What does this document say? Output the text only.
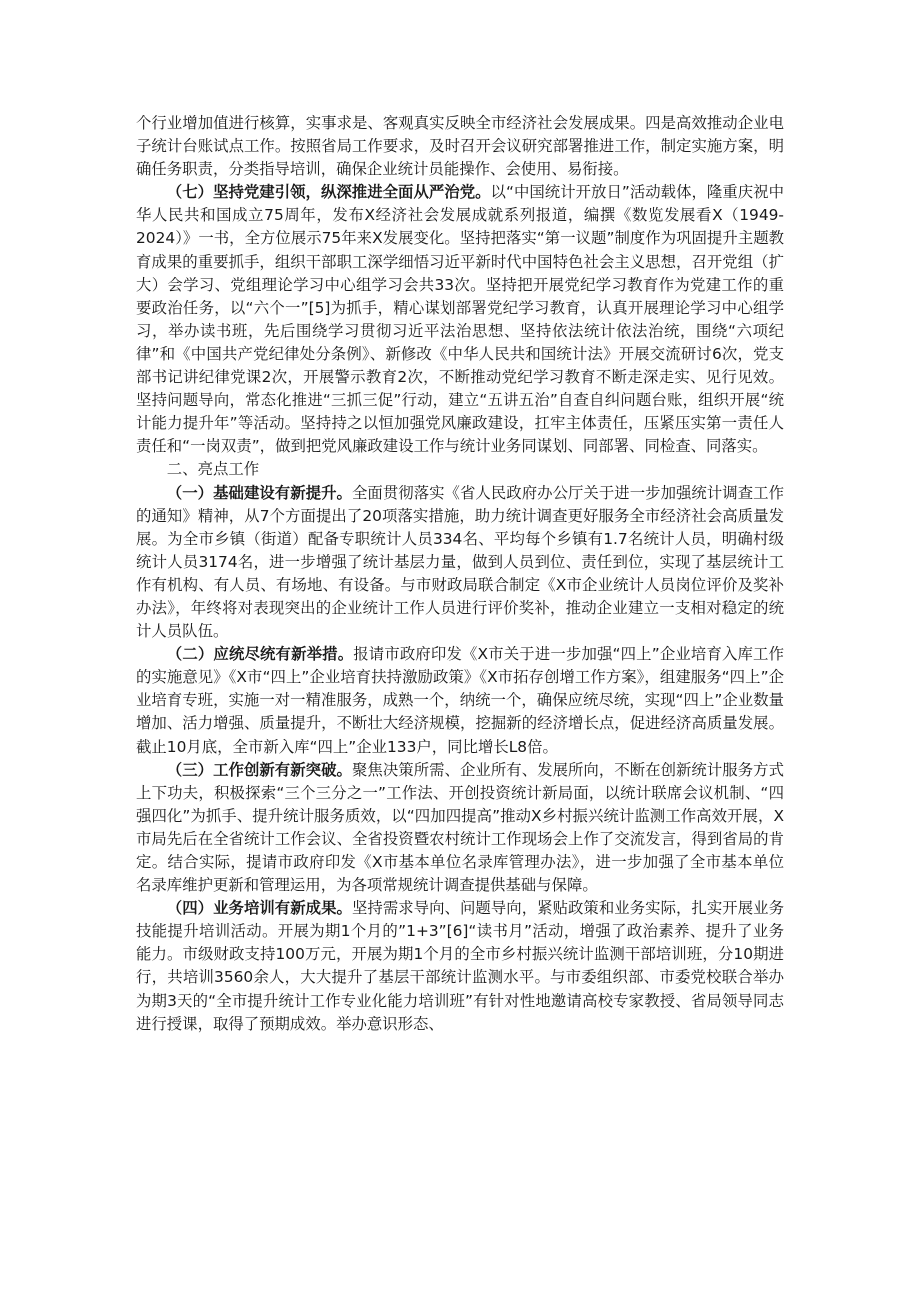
个行业增加值进行核算，实事求是、客观真实反映全市经济社会发展成果。四是高效推动企业电子统计台账试点工作。按照省局工作要求，及时召开会议研究部署推进工作，制定实施方案，明确任务职责，分类指导培训，确保企业统计员能操作、会使用、易衔接。

（七）坚持党建引领，纵深推进全面从严治党。以“中国统计开放日”活动载体，隆重庆祝中华人民共和国成立75周年，发布X经济社会发展成就系列报道，编撰《数览发展看X（1949-2024）》一书，全方位展示75年来X发展变化。坚持把落实“第一议题”制度作为巩固提升主题教育成果的重要抓手，组织干部职工深学细悟习近平新时代中国特色社会主义思想，召开党组（扩大）会学习、党组理论学习中心组学习会共33次。坚持把开展党纪学习教育作为党建工作的重要政治任务，以“六个一”[5]为抓手，精心谋划部署党纪学习教育，认真开展理论学习中心组学习，举办读书班，先后围绕学习贯彻习近平法治思想、坚持依法统计依法治统，围绕“六项纪律”和《中国共产党纪律处分条例》、新修改《中华人民共和国统计法》开展交流研讨6次，党支部书记讲纪律党课2次，开展警示教育2次，不断推动党纪学习教育不断走深走实、见行见效。坚持问题导向，常态化推进“三抓三促”行动，建立“五讲五治”自查自纠问题台账，组织开展“统计能力提升年”等活动。坚持持之以恒加强党风廉政建设，扛牢主体责任，压紧压实第一责任人责任和“一岗双责”，做到把党风廉政建设工作与统计业务同谋划、同部署、同检查、同落实。

二、亮点工作

（一）基础建设有新提升。全面贯彻落实《省人民政府办公厅关于进一步加强统计调查工作的通知》精神，从7个方面提出了20项落实措施，助力统计调查更好服务全市经济社会高质量发展。为全市乡镇（街道）配备专职统计人员334名、平均每个乡镇有1.7名统计人员，明确村级统计人员3174名，进一步增强了统计基层力量，做到人员到位、责任到位，实现了基层统计工作有机构、有人员、有场地、有设备。与市财政局联合制定《X市企业统计人员岗位评价及奖补办法》，年终将对表现突出的企业统计工作人员进行评价奖补，推动企业建立一支相对稳定的统计人员队伍。

（二）应统尽统有新举措。报请市政府印发《X市关于进一步加强“四上”企业培育入库工作的实施意见》《X市“四上”企业培育扶持激励政策》《X市拓存创增工作方案》，组建服务“四上”企业培育专班，实施一对一精准服务，成熟一个，纳统一个，确保应统尽统，实现“四上”企业数量增加、活力增强、质量提升，不断壮大经济规模，挖掘新的经济增长点，促进经济高质量发展。截止10月底，全市新入库“四上”企业133户，同比增长L8倍。

（三）工作创新有新突破。聚焦决策所需、企业所有、发展所向，不断在创新统计服务方式上下功夫，积极探索“三个三分之一”工作法、开创投资统计新局面，以统计联席会议机制、“四强四化”为抓手、提升统计服务质效，以“四加四提高”推动X乡村振兴统计监测工作高效开展，X市局先后在全省统计工作会议、全省投资暨农村统计工作现场会上作了交流发言，得到省局的肯定。结合实际，提请市政府印发《X市基本单位名录库管理办法》，进一步加强了全市基本单位名录库维护更新和管理运用，为各项常规统计调查提供基础与保障。

（四）业务培训有新成果。坚持需求导向、问题导向，紧贴政策和业务实际，扎实开展业务技能提升培训活动。开展为期1个月的”1+3”[6]“读书月”活动，增强了政治素养、提升了业务能力。市级财政支持100万元，开展为期1个月的全市乡村振兴统计监测干部培训班，分10期进行，共培训3560余人，大大提升了基层干部统计监测水平。与市委组织部、市委党校联合举办为期3天的“全市提升统计工作专业化能力培训班”有针对性地邀请高校专家教授、省局领导同志进行授课，取得了预期成效。举办意识形态、
